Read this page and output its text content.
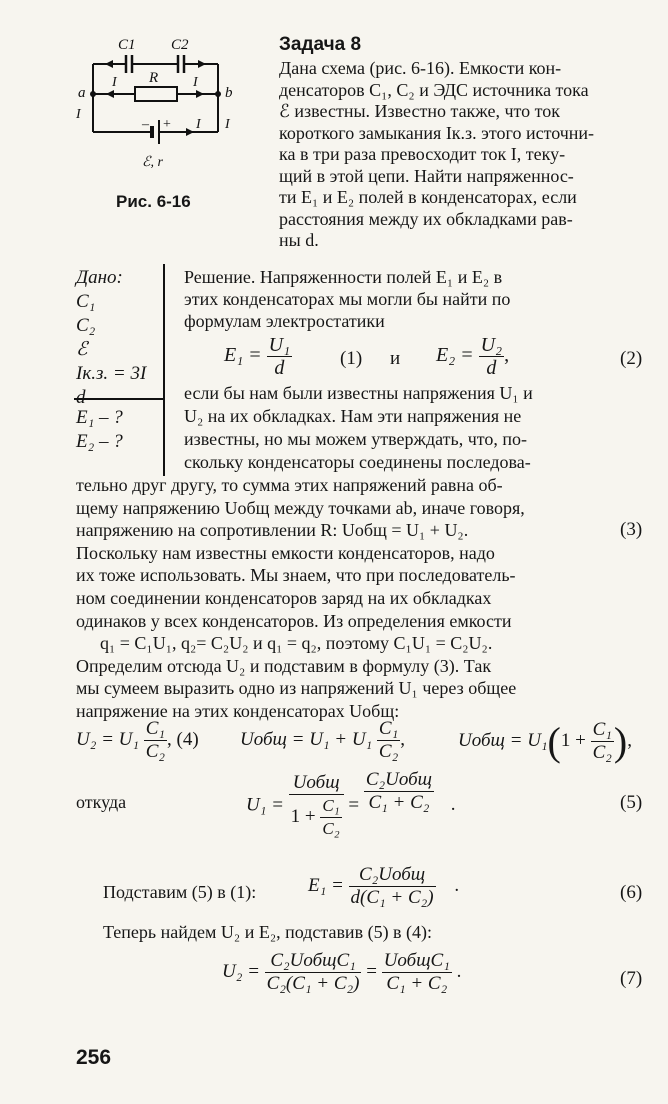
C1 C2
R
a	b
I	I
I
I I
– +
ℰ, r
Рис. 6-16
Задача 8
Дана схема (рис. 6-16). Емкости кон-
денсаторов C₁, C₂ и ЭДС источника тока
ℰ известны. Известно также, что ток
короткого замыкания Iк.з. этого источни-
ка в три раза превосходит ток I, теку-
щий в этой цепи. Найти напряженнос-
ти E₁ и E₂ полей в конденсаторах, если
расстояния между их обкладками рав-
ны d.
Дано:
C₁
C₂
ℰ
Iк.з. = 3I
E₁ – ?
E₂ – ?
Решение. Напряженности полей E₁ и E₂ в
этих конденсаторах мы могли бы найти по
формулам электростатики
$E_1 = \frac{\text{U₁}}{d}$	(1) и $E_2 = \frac{\text{U₂}}{d}$ ,	(2)
если бы нам были известны напряжения U₁ и
U₂ на их обкладках. Нам эти напряжения не
известны, но мы можем утверждать, что, по-
скольку конденсаторы соединены последова-
тельно друг другу, то сумма этих напряжений равна об-
щему напряжению Uобщ между точками ab, иначе говоря,
напряжению на сопротивлении R: Uобщ = U₁ + U₂.
Поскольку нам известны емкости конденсаторов, надо
их тоже использовать. Мы знаем, что при последователь-
ном соединении конденсаторов заряд на их обкладках
одинаков у всех конденсаторов. Из определения емкости
q₁ = C₁U₁, q₂= C₂U₂ и q₁ = q₂, поэтому C₁U₁ = C₂U₂.
Определим отсюда U₂ и подставим в формулу (3). Так
мы сумеем выразить одно из напряжений U₁ через общее
напряжение на этих конденсаторах Uобщ:
(3)
$U_2 = U_1 \frac{\text{C₁}}{\text{C₂}}$ , (4) Uобщ = $U_1 + U_1 \frac{\text{C₁}}{\text{C₂}}$ ,	Uобщ = $U_1(1 + \frac{\text{C₁}}{\text{C₂}}$ ),
откуда	$U_1 = \frac{\text{Uобщ}}{1 + \frac{\text{C₁}}{\text{C₂}}} = \frac{\text{C₂Uобщ}}{\text{C₁ + C₂}}$ .	(5)
Подставим (5) в (1):	$E_1 = \frac{\text{C₂Uобщ}}{\text{d(C₁ + C₂)}}$ .	(6)
Теперь найдем U₂ и E₂, подставив (5) в (4):
$U_2 = \frac{\text{C₂UобщC₁}}{\text{C₂(C₁ + C₂)}} = \frac{\text{UобщC₁}}{\text{C₁ + C₂}}$ .	(7)
256
